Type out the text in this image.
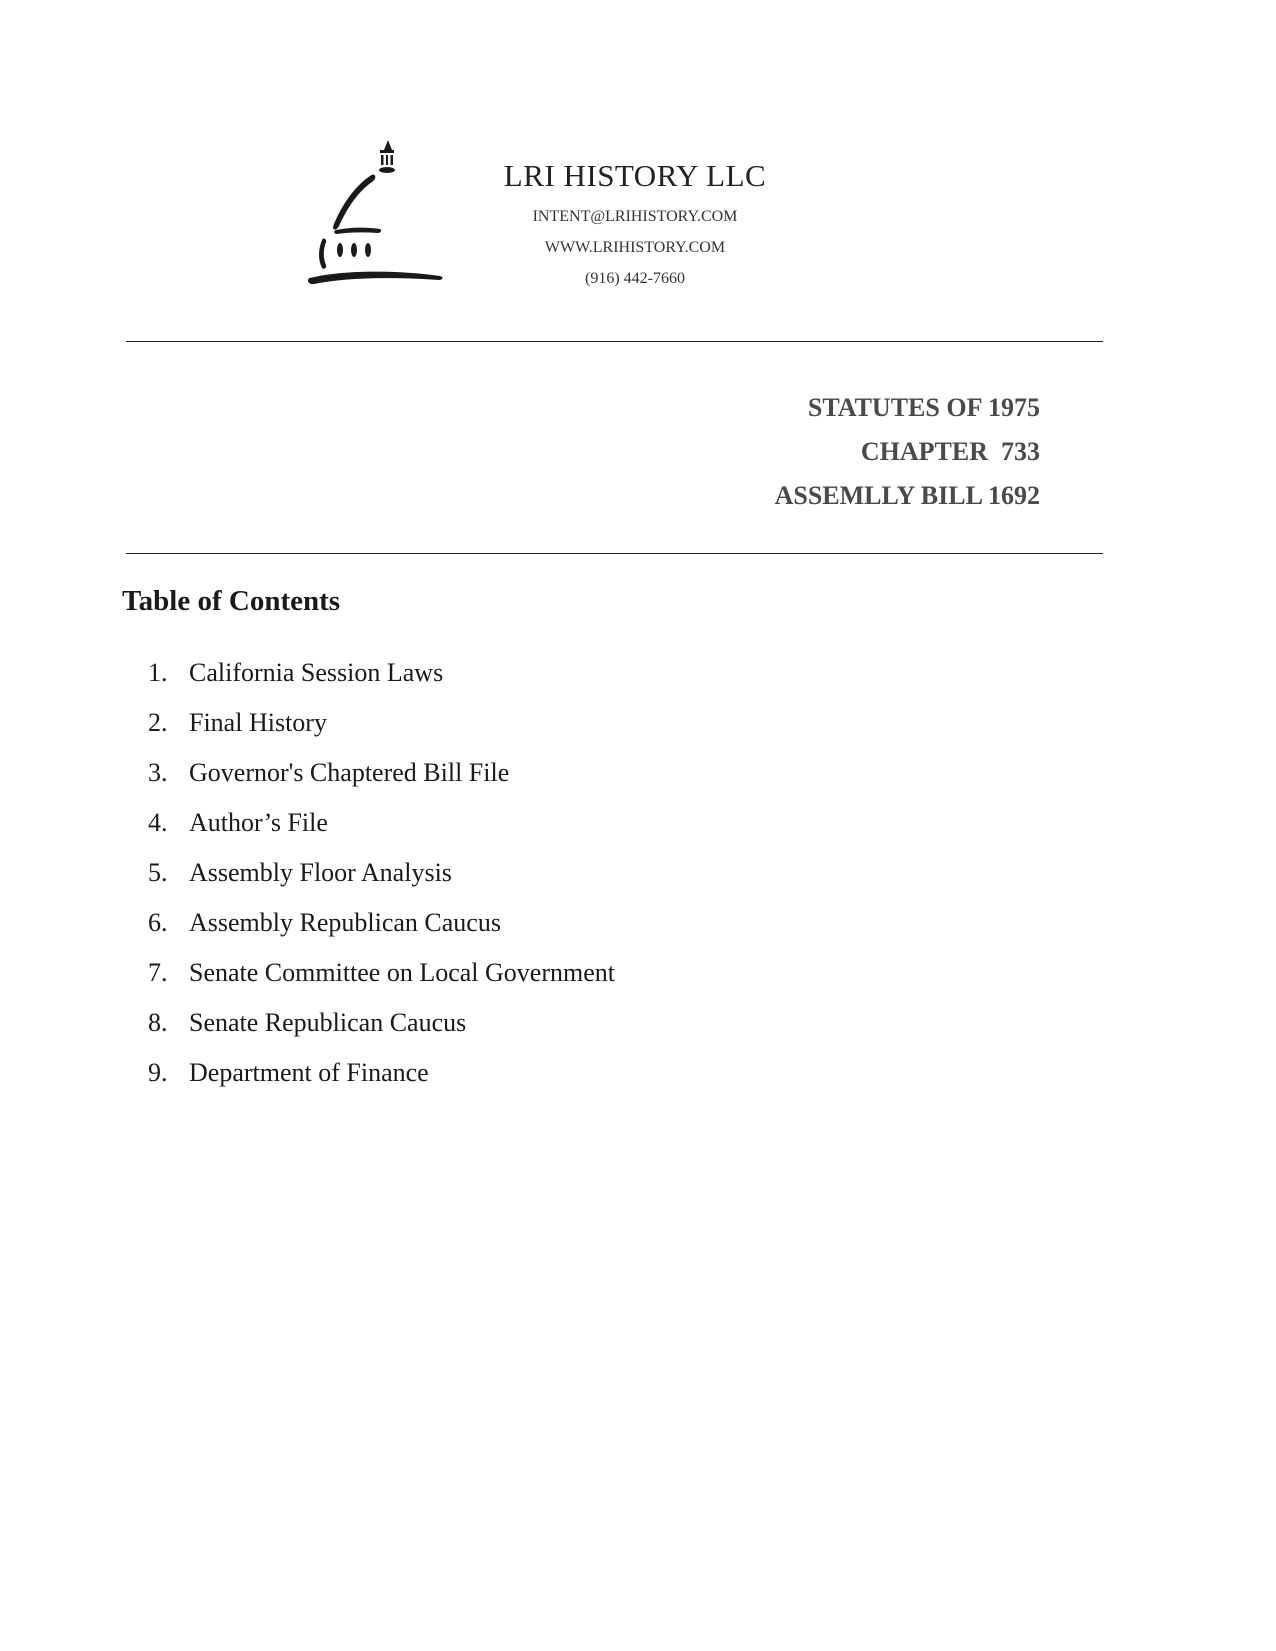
LRI HISTORY LLC

INTENT@LRIHISTORY.COM

WWW.LRIHISTORY.COM

(916) 442-7660

STATUTES OF 1975

CHAPTER  733

ASSEMLLY BILL 1692

Table of Contents
1. California Session Laws
2. Final History
3. Governor's Chaptered Bill File
4. Author’s File
5. Assembly Floor Analysis
6. Assembly Republican Caucus
7. Senate Committee on Local Government
8. Senate Republican Caucus
9. Department of Finance
